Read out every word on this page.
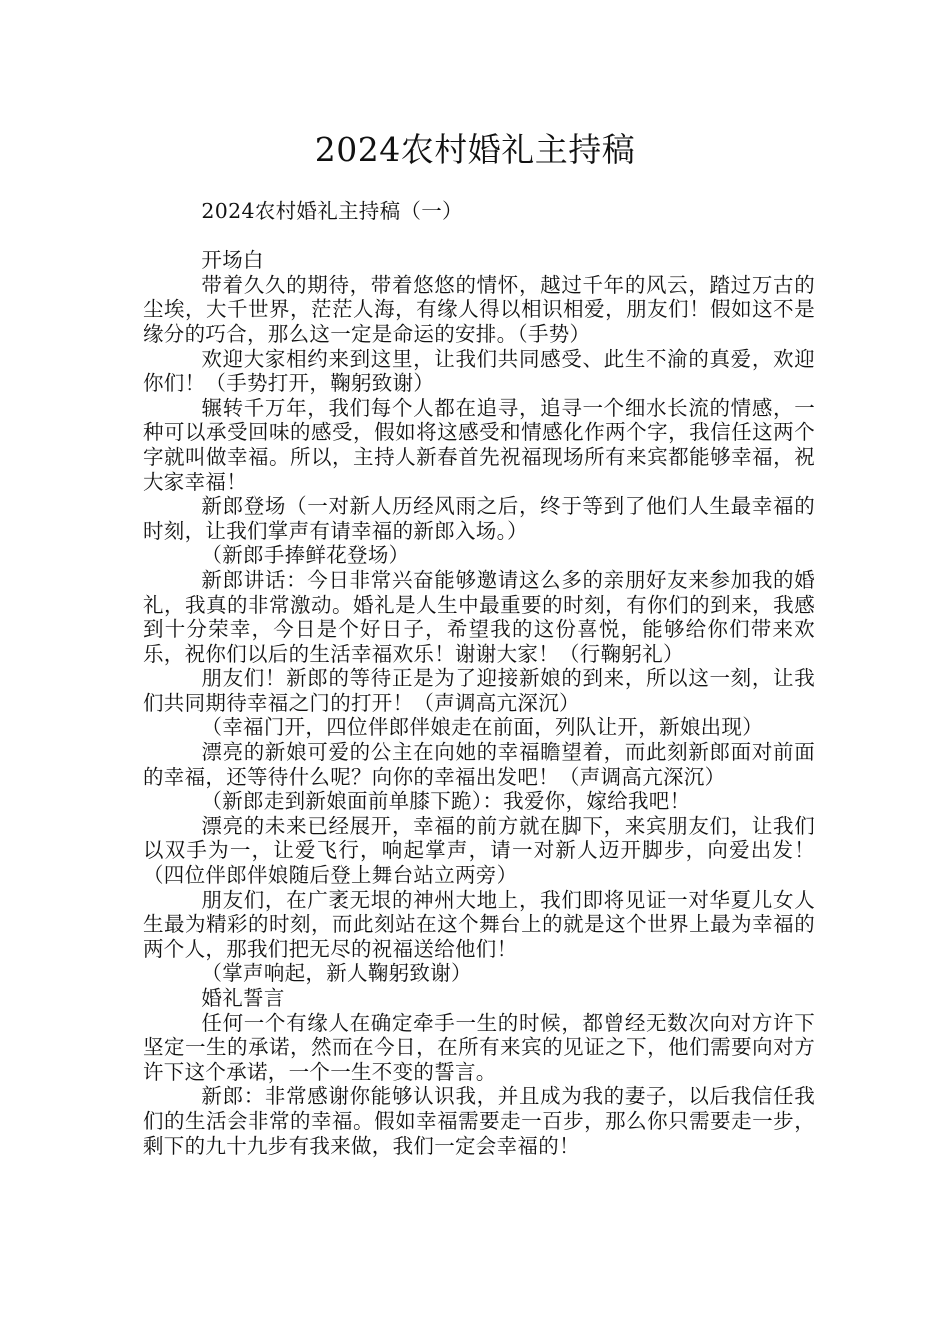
2024农村婚礼主持稿

2024农村婚礼主持稿（一）

开场白

带着久久的期待，带着悠悠的情怀，越过千年的风云，踏过万古的尘埃，大千世界，茫茫人海，有缘人得以相识相爱，朋友们！假如这不是缘分的巧合，那么这一定是命运的安排。（手势）

欢迎大家相约来到这里，让我们共同感受、此生不渝的真爱，欢迎你们！（手势打开，鞠躬致谢）

辗转千万年，我们每个人都在追寻，追寻一个细水长流的情感，一种可以承受回味的感受，假如将这感受和情感化作两个字，我信任这两个字就叫做幸福。所以，主持人新春首先祝福现场所有来宾都能够幸福，祝大家幸福！

新郎登场（一对新人历经风雨之后，终于等到了他们人生最幸福的时刻，让我们掌声有请幸福的新郎入场。）

（新郎手捧鲜花登场）

新郎讲话：今日非常兴奋能够邀请这么多的亲朋好友来参加我的婚礼，我真的非常激动。婚礼是人生中最重要的时刻，有你们的到来，我感到十分荣幸，今日是个好日子，希望我的这份喜悦，能够给你们带来欢乐，祝你们以后的生活幸福欢乐！谢谢大家！（行鞠躬礼）

朋友们！新郎的等待正是为了迎接新娘的到来，所以这一刻，让我们共同期待幸福之门的打开！（声调高亢深沉）

（幸福门开，四位伴郎伴娘走在前面，列队让开，新娘出现）

漂亮的新娘可爱的公主在向她的幸福瞻望着，而此刻新郎面对前面的幸福，还等待什么呢？向你的幸福出发吧！（声调高亢深沉）

（新郎走到新娘面前单膝下跪）：我爱你，嫁给我吧！

漂亮的未来已经展开，幸福的前方就在脚下，来宾朋友们，让我们以双手为一，让爱飞行，响起掌声，请一对新人迈开脚步，向爱出发！（四位伴郎伴娘随后登上舞台站立两旁）

朋友们，在广袤无垠的神州大地上，我们即将见证一对华夏儿女人生最为精彩的时刻，而此刻站在这个舞台上的就是这个世界上最为幸福的两个人，那我们把无尽的祝福送给他们！

（掌声响起，新人鞠躬致谢）

婚礼誓言

任何一个有缘人在确定牵手一生的时候，都曾经无数次向对方许下坚定一生的承诺，然而在今日，在所有来宾的见证之下，他们需要向对方许下这个承诺，一个一生不变的誓言。

新郎：非常感谢你能够认识我，并且成为我的妻子，以后我信任我们的生活会非常的幸福。假如幸福需要走一百步，那么你只需要走一步，剩下的九十九步有我来做，我们一定会幸福的！
